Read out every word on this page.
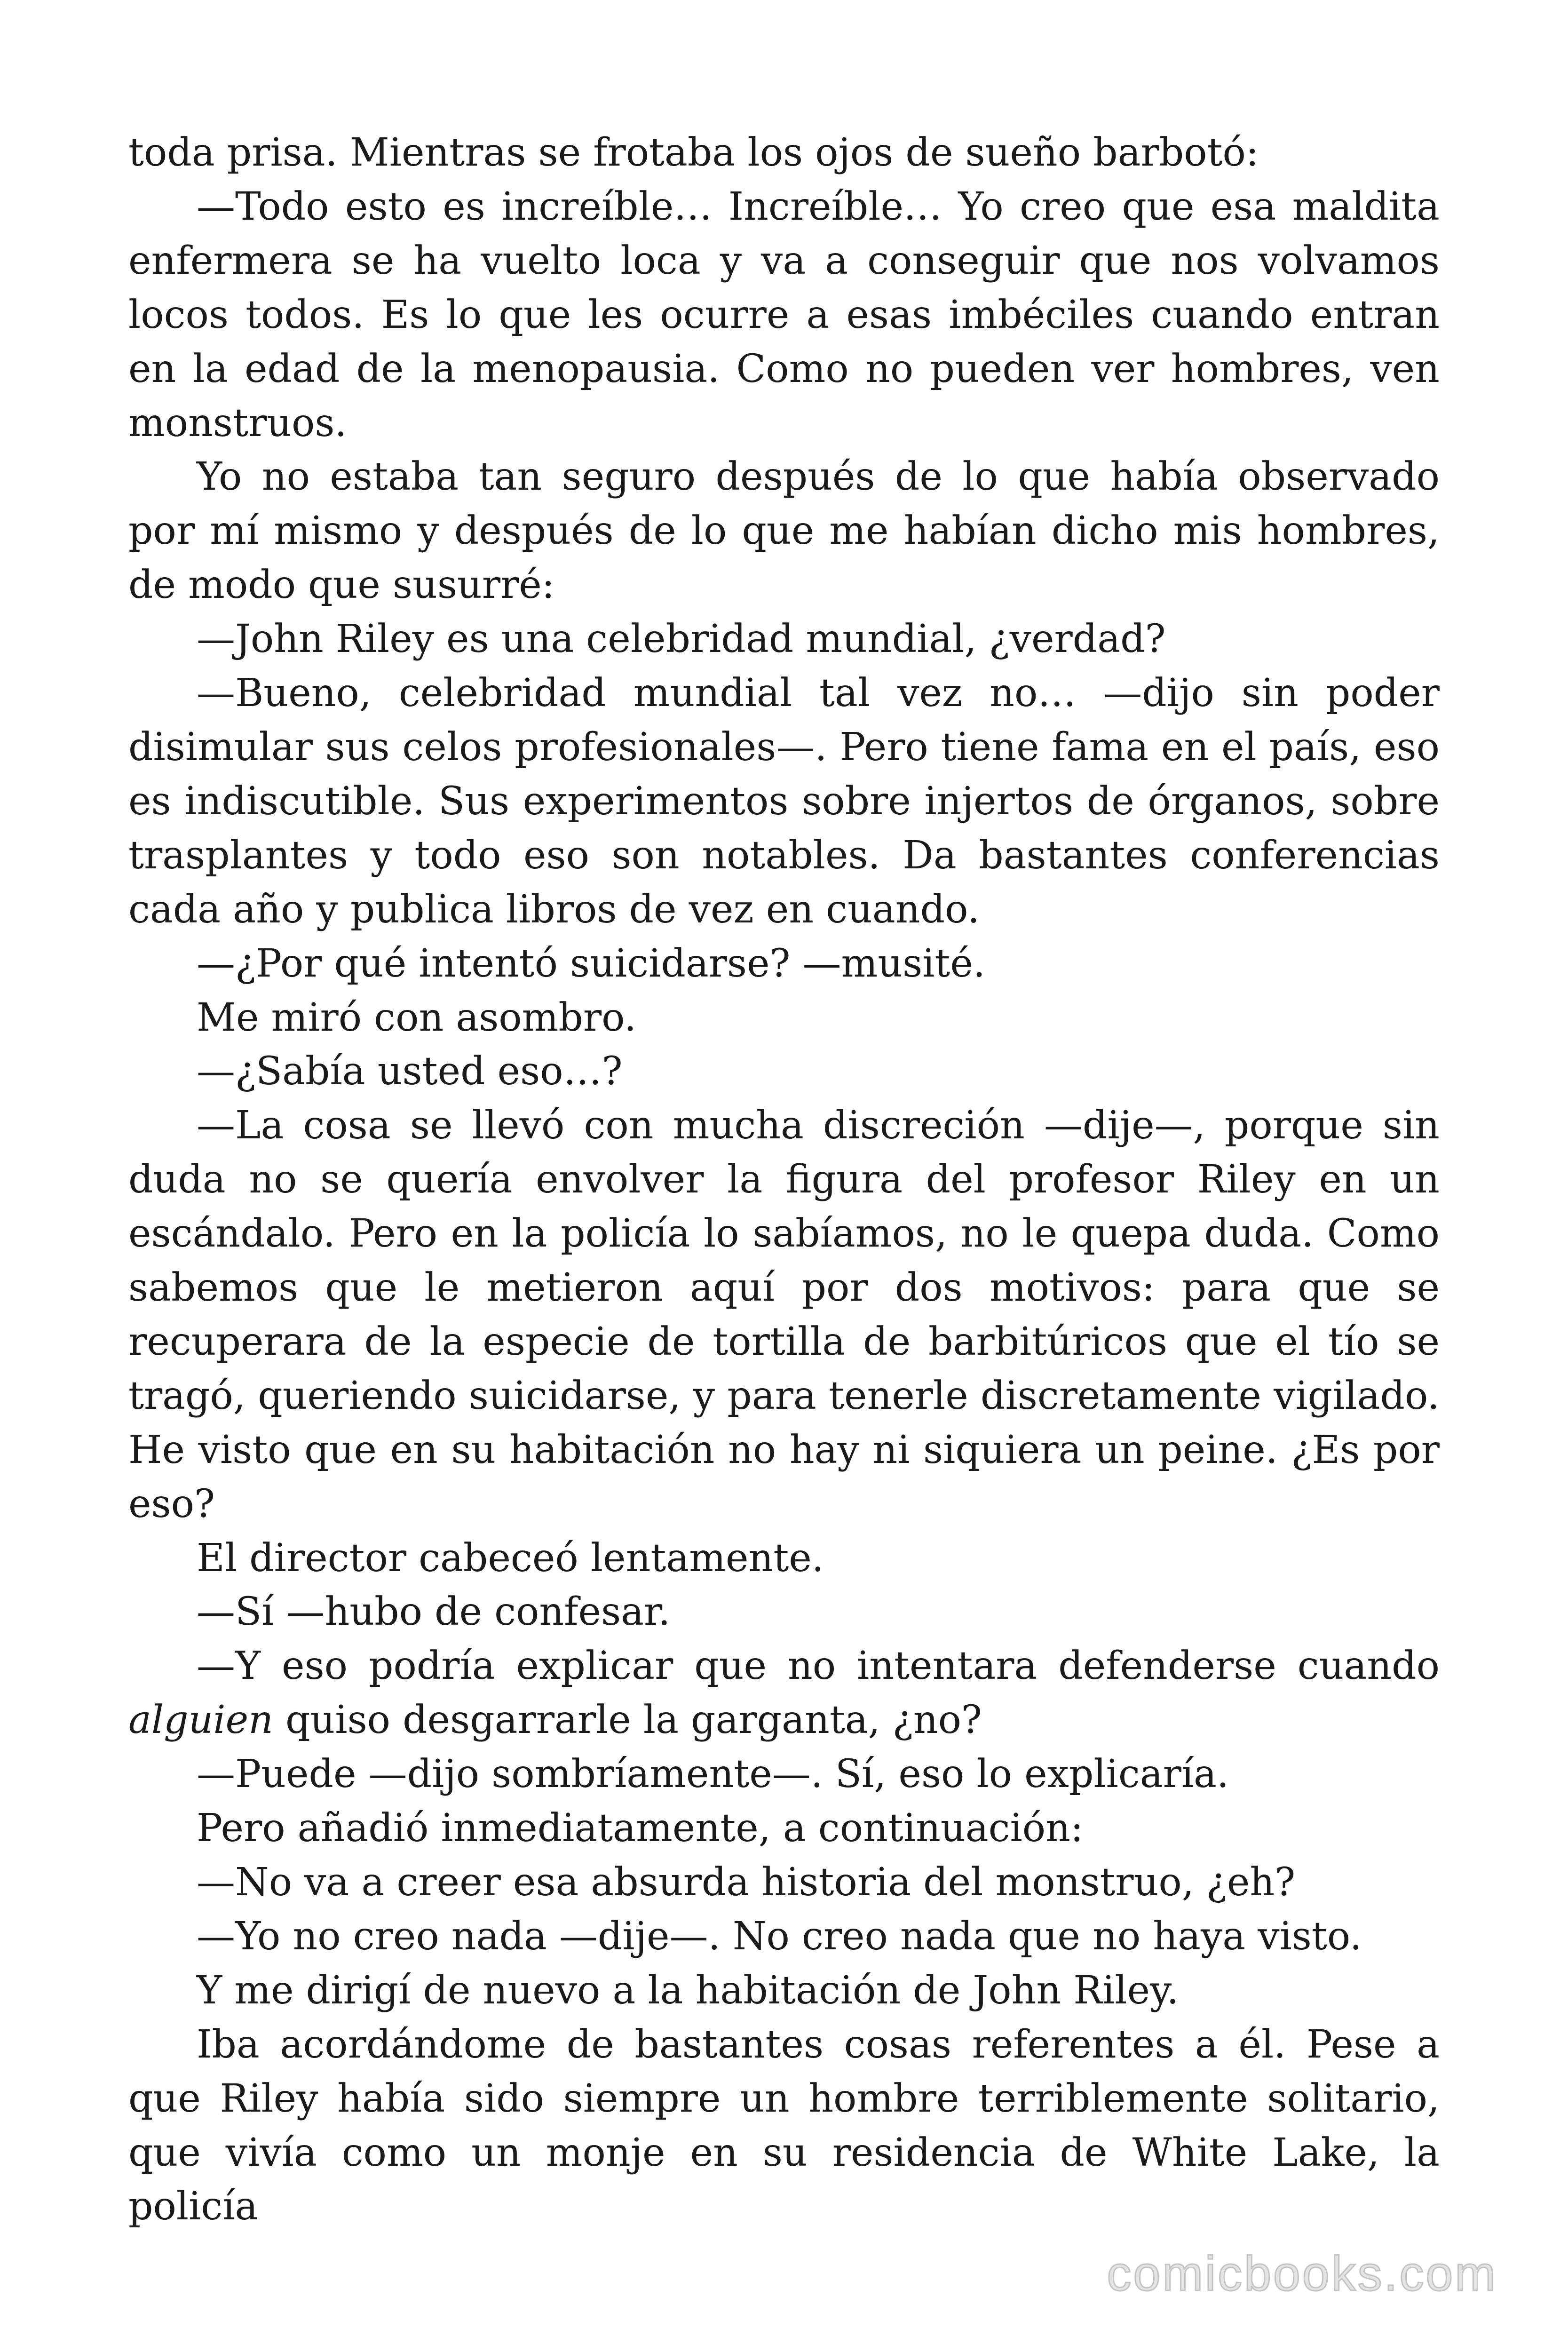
toda prisa. Mientras se frotaba los ojos de sueño barbotó:

—Todo esto es increíble… Increíble… Yo creo que esa maldita enfermera se ha vuelto loca y va a conseguir que nos volvamos locos todos. Es lo que les ocurre a esas imbéciles cuando entran en la edad de la menopausia. Como no pueden ver hombres, ven monstruos.

Yo no estaba tan seguro después de lo que había observado por mí mismo y después de lo que me habían dicho mis hombres, de modo que susurré:

—John Riley es una celebridad mundial, ¿verdad?

—Bueno, celebridad mundial tal vez no… —dijo sin poder disimular sus celos profesionales—. Pero tiene fama en el país, eso es indiscutible. Sus experimentos sobre injertos de órganos, sobre trasplantes y todo eso son notables. Da bastantes conferencias cada año y publica libros de vez en cuando.

—¿Por qué intentó suicidarse? —musité.

Me miró con asombro.

—¿Sabía usted eso…?

—La cosa se llevó con mucha discreción —dije—, porque sin duda no se quería envolver la figura del profesor Riley en un escándalo. Pero en la policía lo sabíamos, no le quepa duda. Como sabemos que le metieron aquí por dos motivos: para que se recuperara de la especie de tortilla de barbitúricos que el tío se tragó, queriendo suicidarse, y para tenerle discretamente vigilado. He visto que en su habitación no hay ni siquiera un peine. ¿Es por eso?

El director cabeceó lentamente.

—Sí —hubo de confesar.

—Y eso podría explicar que no intentara defenderse cuando alguien quiso desgarrarle la garganta, ¿no?

—Puede —dijo sombríamente—. Sí, eso lo explicaría.

Pero añadió inmediatamente, a continuación:

—No va a creer esa absurda historia del monstruo, ¿eh?

—Yo no creo nada —dije—. No creo nada que no haya visto.

Y me dirigí de nuevo a la habitación de John Riley.

Iba acordándome de bastantes cosas referentes a él. Pese a que Riley había sido siempre un hombre terriblemente solitario, que vivía como un monje en su residencia de White Lake, la policía

comicbooks.com
